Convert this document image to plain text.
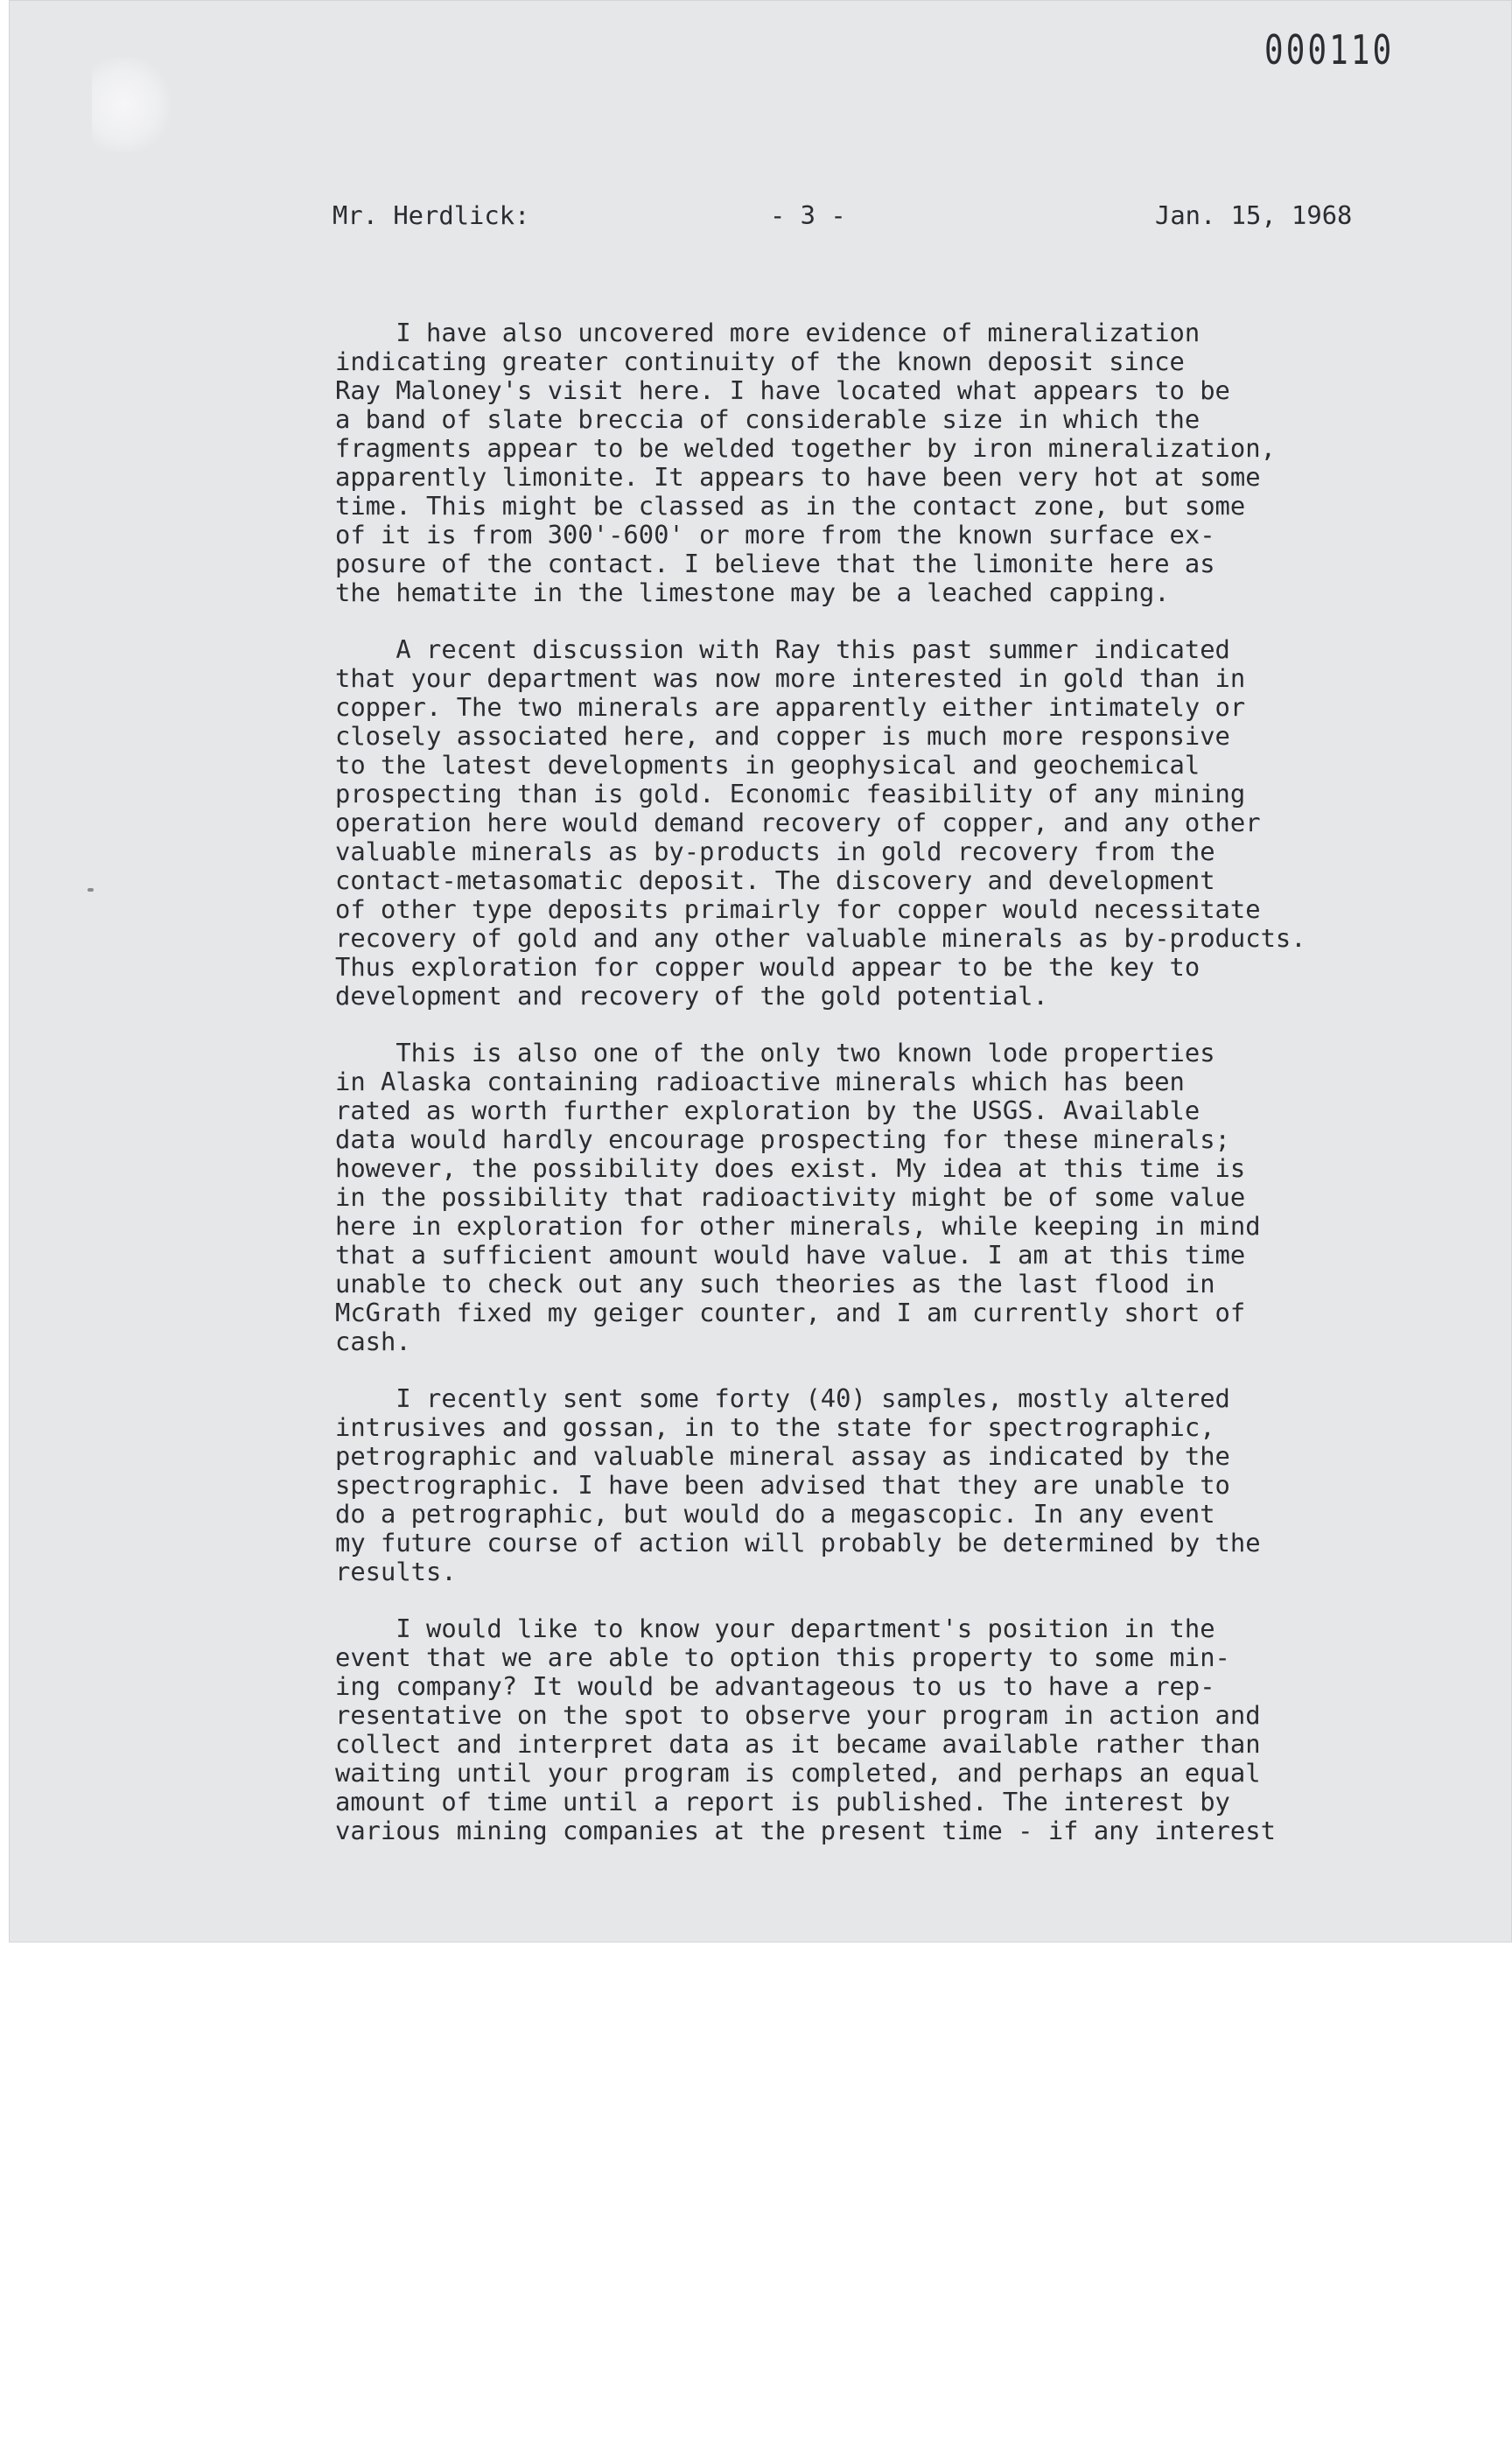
000110

Mr. Herdlick:	- 3 -	Jan. 15, 1968

I have also uncovered more evidence of mineralization

indicating greater continuity of the known deposit since

Ray Maloney's visit here. I have located what appears to be

a band of slate breccia of considerable size in which the

fragments appear to be welded together by iron mineralization,

apparently limonite. It appears to have been very hot at some

time. This might be classed as in the contact zone, but some

of it is from 300'-600' or more from the known surface ex-

posure of the contact. I believe that the limonite here as

the hematite in the limestone may be a leached capping.

A recent discussion with Ray this past summer indicated

that your department was now more interested in gold than in

copper. The two minerals are apparently either intimately or

closely associated here, and copper is much more responsive

to the latest developments in geophysical and geochemical

prospecting than is gold. Economic feasibility of any mining

operation here would demand recovery of copper, and any other

valuable minerals as by-products in gold recovery from the

contact-metasomatic deposit. The discovery and development

of other type deposits primairly for copper would necessitate

recovery of gold and any other valuable minerals as by-products.

Thus exploration for copper would appear to be the key to

development and recovery of the gold potential.

This is also one of the only two known lode properties

in Alaska containing radioactive minerals which has been

rated as worth further exploration by the USGS. Available

data would hardly encourage prospecting for these minerals;

however, the possibility does exist. My idea at this time is

in the possibility that radioactivity might be of some value

here in exploration for other minerals, while keeping in mind

that a sufficient amount would have value. I am at this time

unable to check out any such theories as the last flood in

McGrath fixed my geiger counter, and I am currently short of

cash.

I recently sent some forty (40) samples, mostly altered

intrusives and gossan, in to the state for spectrographic,

petrographic and valuable mineral assay as indicated by the

spectrographic. I have been advised that they are unable to

do a petrographic, but would do a megascopic. In any event

my future course of action will probably be determined by the

results.

I would like to know your department's position in the

event that we are able to option this property to some min-

ing company? It would be advantageous to us to have a rep-

resentative on the spot to observe your program in action and

collect and interpret data as it became available rather than

waiting until your program is completed, and perhaps an equal

amount of time until a report is published. The interest by

various mining companies at the present time - if any interest
